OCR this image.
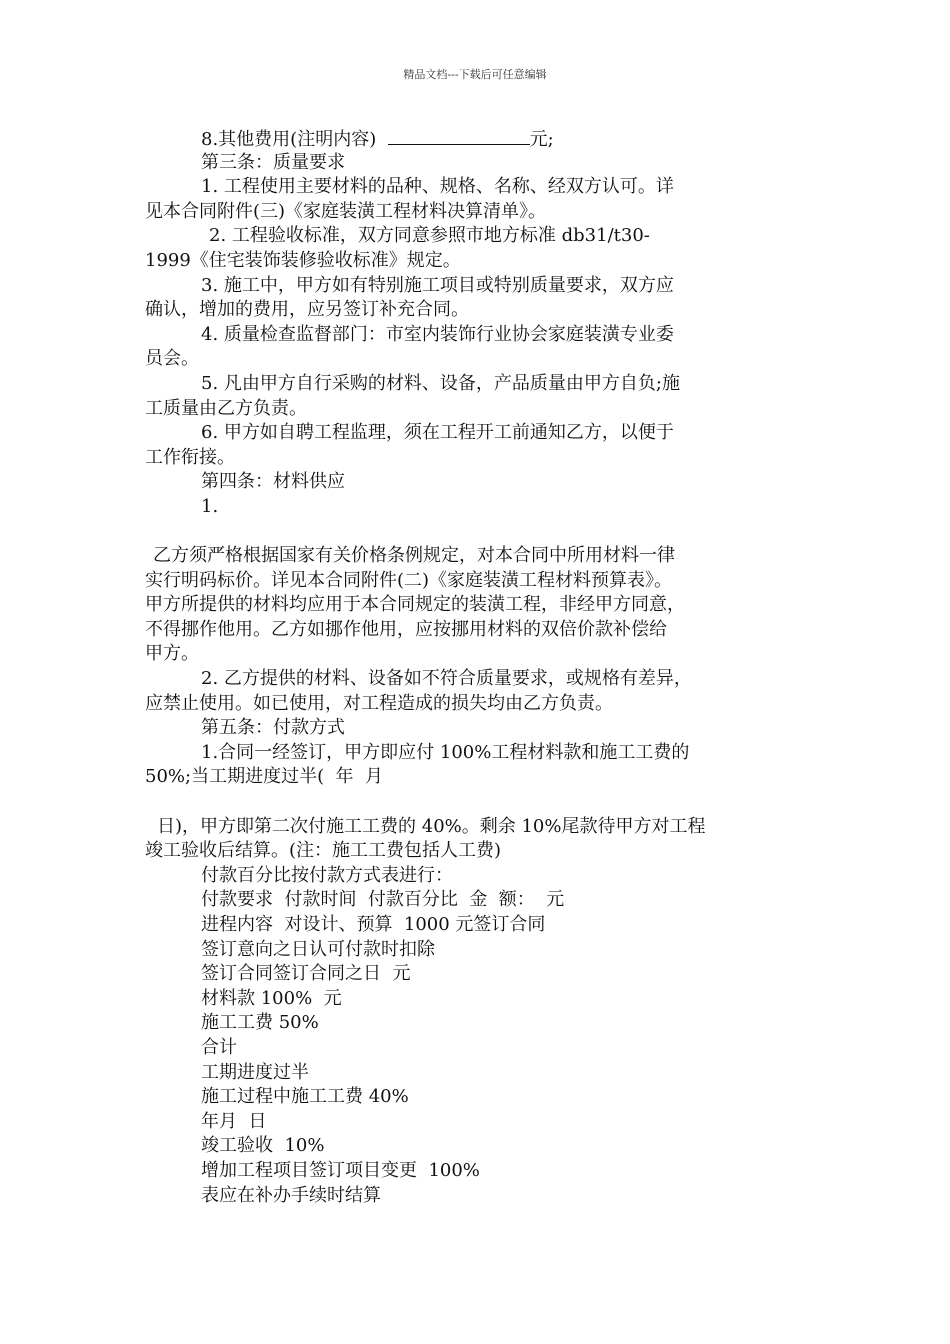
精品文档---下载后可任意编辑
8.其他费用(注明内容)	元;
第三条：质量要求
1. 工程使用主要材料的品种、规格、名称、经双方认可。详
见本合同附件(三)《家庭装潢工程材料决算清单》。
2. 工程验收标准，双方同意参照市地方标准 db31/t30-
1999《住宅装饰装修验收标准》规定。
3. 施工中，甲方如有特别施工项目或特别质量要求，双方应
确认，增加的费用，应另签订补充合同。
4. 质量检查监督部门：市室内装饰行业协会家庭装潢专业委
员会。
5. 凡由甲方自行采购的材料、设备，产品质量由甲方自负;施
工质量由乙方负责。
6. 甲方如自聘工程监理，须在工程开工前通知乙方，以便于
工作衔接。
第四条：材料供应
1.
乙方须严格根据国家有关价格条例规定，对本合同中所用材料一律
实行明码标价。详见本合同附件(二)《家庭装潢工程材料预算表》。
甲方所提供的材料均应用于本合同规定的装潢工程，非经甲方同意，
不得挪作他用。乙方如挪作他用，应按挪用材料的双倍价款补偿给
甲方。
2. 乙方提供的材料、设备如不符合质量要求，或规格有差异，
应禁止使用。如已使用，对工程造成的损失均由乙方负责。
第五条：付款方式
1.合同一经签订，甲方即应付 100%工程材料款和施工工费的
50%;当工期进度过半(  年  月
日)，甲方即第二次付施工工费的 40%。剩余 10%尾款待甲方对工程
竣工验收后结算。(注：施工工费包括人工费)
付款百分比按付款方式表进行：
付款要求  付款时间  付款百分比  金  额：  元
进程内容  对设计、预算  1000 元签订合同
签订意向之日认可付款时扣除
签订合同签订合同之日  元
材料款 100%  元
施工工费 50%
合计
工期进度过半
施工过程中施工工费 40%
年月  日
竣工验收  10%
增加工程项目签订项目变更  100%
表应在补办手续时结算
